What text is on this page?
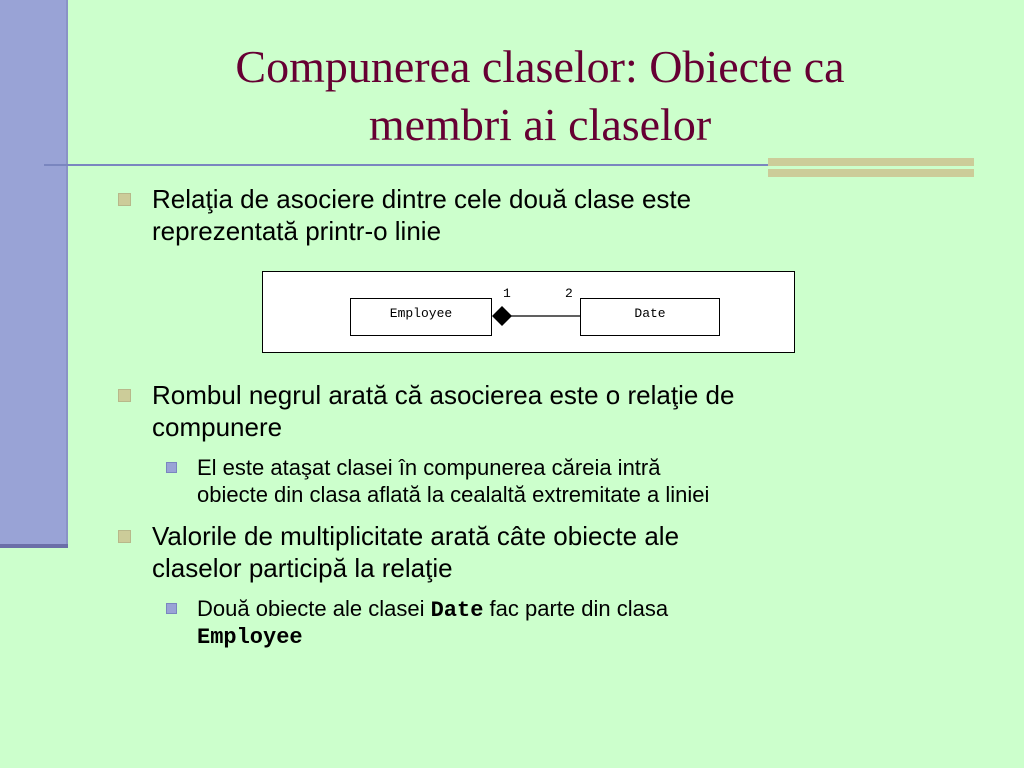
Compunerea claselor: Obiecte ca
membri ai claselor
Relaţia de asociere dintre cele două clase este
reprezentată printr-o linie
Employee	Date
1	2
Rombul negrul arată că asocierea este o relaţie de
compunere
El este ataşat clasei în compunerea căreia intră
obiecte din clasa aflată la cealaltă extremitate a liniei
Valorile de multiplicitate arată câte obiecte ale
claselor participă la relaţie
Două obiecte ale clasei Date fac parte din clasa
Employee
